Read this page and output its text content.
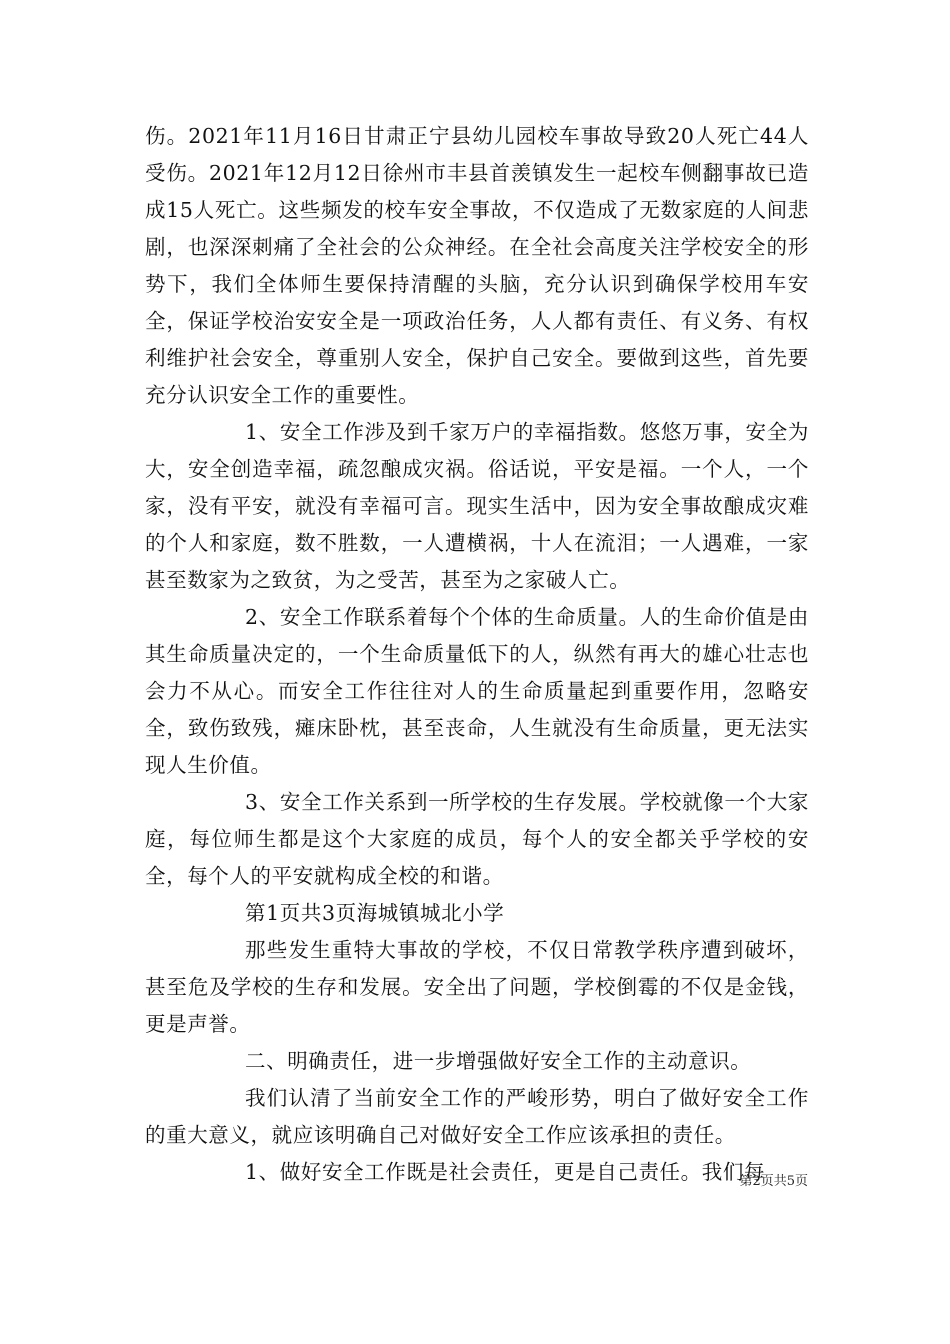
伤。2021年11月16日甘肃正宁县幼儿园校车事故导致20人死亡44人受伤。2021年12月12日徐州市丰县首羡镇发生一起校车侧翻事故已造成15人死亡。这些频发的校车安全事故，不仅造成了无数家庭的人间悲剧，也深深刺痛了全社会的公众神经。在全社会高度关注学校安全的形势下，我们全体师生要保持清醒的头脑，充分认识到确保学校用车安全，保证学校治安安全是一项政治任务，人人都有责任、有义务、有权利维护社会安全，尊重别人安全，保护自己安全。要做到这些，首先要充分认识安全工作的重要性。

1、安全工作涉及到千家万户的幸福指数。悠悠万事，安全为大，安全创造幸福，疏忽酿成灾祸。俗话说，平安是福。一个人，一个家，没有平安，就没有幸福可言。现实生活中，因为安全事故酿成灾难的个人和家庭，数不胜数，一人遭横祸，十人在流泪；一人遇难，一家甚至数家为之致贫，为之受苦，甚至为之家破人亡。

2、安全工作联系着每个个体的生命质量。人的生命价值是由其生命质量决定的，一个生命质量低下的人，纵然有再大的雄心壮志也会力不从心。而安全工作往往对人的生命质量起到重要作用，忽略安全，致伤致残，瘫床卧枕，甚至丧命，人生就没有生命质量，更无法实现人生价值。

3、安全工作关系到一所学校的生存发展。学校就像一个大家庭，每位师生都是这个大家庭的成员，每个人的安全都关乎学校的安全，每个人的平安就构成全校的和谐。

第1页共3页海城镇城北小学

那些发生重特大事故的学校，不仅日常教学秩序遭到破坏，甚至危及学校的生存和发展。安全出了问题，学校倒霉的不仅是金钱，更是声誉。

二、明确责任，进一步增强做好安全工作的主动意识。

我们认清了当前安全工作的严峻形势，明白了做好安全工作的重大意义，就应该明确自己对做好安全工作应该承担的责任。

1、做好安全工作既是社会责任，更是自己责任。我们每

第2页共5页
